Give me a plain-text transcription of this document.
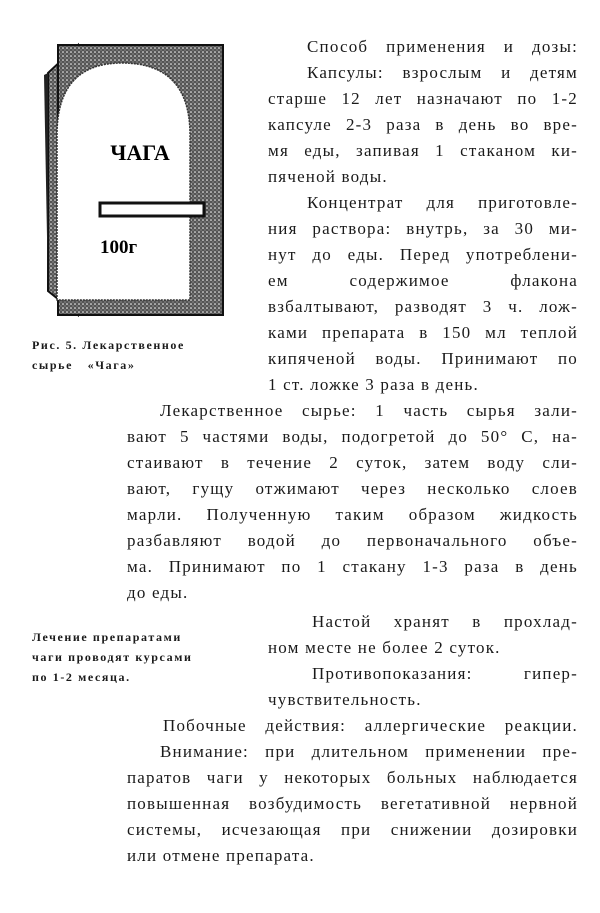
ЧАГА
100г
Рис. 5. Лекарственное
сырье «Чага»
Лечение препаратами
чаги проводят курсами
по 1-2 месяца.
Способ применения и дозы:
Капсулы: взрослым и детям
старше 12 лет назначают по 1-2
капсуле 2-3 раза в день во вре-
мя еды, запивая 1 стаканом ки-
пяченой воды.
Концентрат для приготовле-
ния раствора: внутрь, за 30 ми-
нут до еды. Перед употреблени-
ем содержимое флакона
взбалтывают, разводят 3 ч. лож-
ками препарата в 150 мл теплой
кипяченой воды. Принимают по
1 ст. ложке 3 раза в день.
Лекарственное сырье: 1 часть сырья зали-
вают 5 частями воды, подогретой до 50° С, на-
стаивают в течение 2 суток, затем воду сли-
вают, гущу отжимают через несколько слоев
марли. Полученную таким образом жидкость
разбавляют водой до первоначального объе-
ма. Принимают по 1 стакану 1-3 раза в день
до еды.
Настой хранят в прохлад-
ном месте не более 2 суток.
Противопоказания: гипер-
чувствительность.
Побочные действия: аллергические реакции.
Внимание: при длительном применении пре-
паратов чаги у некоторых больных наблюдается
повышенная возбудимость вегетативной нервной
системы, исчезающая при снижении дозировки
или отмене препарата.
